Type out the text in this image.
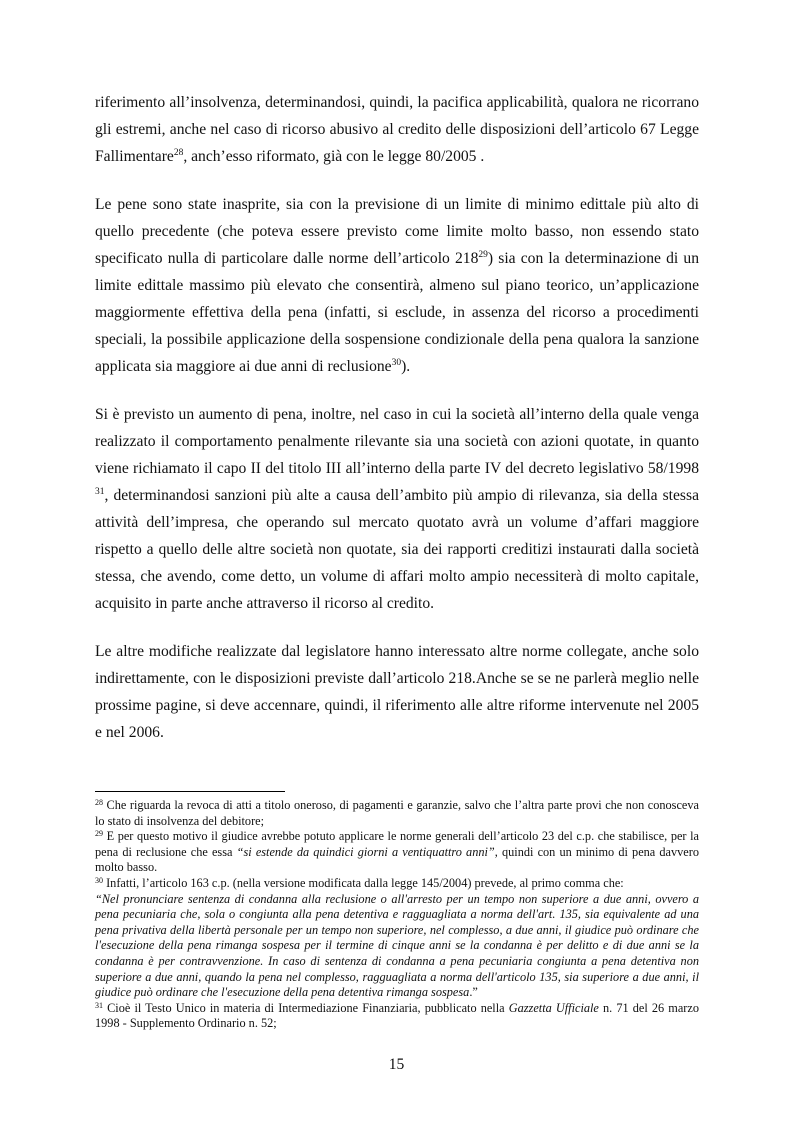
riferimento all’insolvenza, determinandosi, quindi, la pacifica applicabilità, qualora ne ricorrano gli estremi, anche nel caso di ricorso abusivo al credito delle disposizioni dell’articolo 67 Legge Fallimentare$^{28}$, anch’esso riformato, già con le legge 80/2005 .

Le pene sono state inasprite, sia con la previsione di un limite di minimo edittale più alto di quello precedente (che poteva essere previsto come limite molto basso, non essendo stato specificato nulla di particolare dalle norme dell’articolo $218^{29}$) sia con la determinazione di un limite edittale massimo più elevato che consentirà, almeno sul piano teorico, un’applicazione maggiormente effettiva della pena (infatti, si esclude, in assenza del ricorso a procedimenti speciali, la possibile applicazione della sospensione condizionale della pena qualora la sanzione applicata sia maggiore ai due anni di reclusione$^{30}$).

Si è previsto un aumento di pena, inoltre, nel caso in cui la società all’interno della quale venga realizzato il comportamento penalmente rilevante sia una società con azioni quotate, in quanto viene richiamato il capo II del titolo III all’interno della parte IV del decreto legislativo 58/1998 $^{31}$, determinandosi sanzioni più alte a causa dell’ambito più ampio di rilevanza, sia della stessa attività dell’impresa, che operando sul mercato quotato avrà un volume d’affari maggiore rispetto a quello delle altre società non quotate, sia dei rapporti creditizi instaurati dalla società stessa, che avendo, come detto, un volume di affari molto ampio necessiterà di molto capitale, acquisito in parte anche attraverso il ricorso al credito.

Le altre modifiche realizzate dal legislatore hanno interessato altre norme collegate, anche solo indirettamente, con le disposizioni previste dall’articolo 218.Anche se se ne parlerà meglio nelle prossime pagine, si deve accennare, quindi, il riferimento alle altre riforme intervenute nel 2005 e nel 2006.

$^{28}$ Che riguarda la revoca di atti a titolo oneroso, di pagamenti e garanzie, salvo che l’altra parte provi che non conosceva lo stato di insolvenza del debitore;

$^{29}$ E per questo motivo il giudice avrebbe potuto applicare le norme generali dell’articolo 23 del c.p. che stabilisce, per la pena di reclusione che essa “si estende da quindici giorni a ventiquattro anni”, quindi con un minimo di pena davvero molto basso.

$^{30}$ Infatti, l’articolo 163 c.p. (nella versione modificata dalla legge 145/2004) prevede, al primo comma che:
“Nel pronunciare sentenza di condanna alla reclusione o all'arresto per un tempo non superiore a due anni, ovvero a pena pecuniaria che, sola o congiunta alla pena detentiva e ragguagliata a norma dell'art. 135, sia equivalente ad una pena privativa della libertà personale per un tempo non superiore, nel complesso, a due anni, il giudice può ordinare che l'esecuzione della pena rimanga sospesa per il termine di cinque anni se la condanna è per delitto e di due anni se la condanna è per contravvenzione. In caso di sentenza di condanna a pena pecuniaria congiunta a pena detentiva non superiore a due anni, quando la pena nel complesso, ragguagliata a norma dell'articolo 135, sia superiore a due anni, il giudice può ordinare che l'esecuzione della pena detentiva rimanga sospesa.”

$^{31}$ Cioè il Testo Unico in materia di Intermediazione Finanziaria, pubblicato nella Gazzetta Ufficiale n. 71 del 26 marzo 1998 - Supplemento Ordinario n. 52;

15
